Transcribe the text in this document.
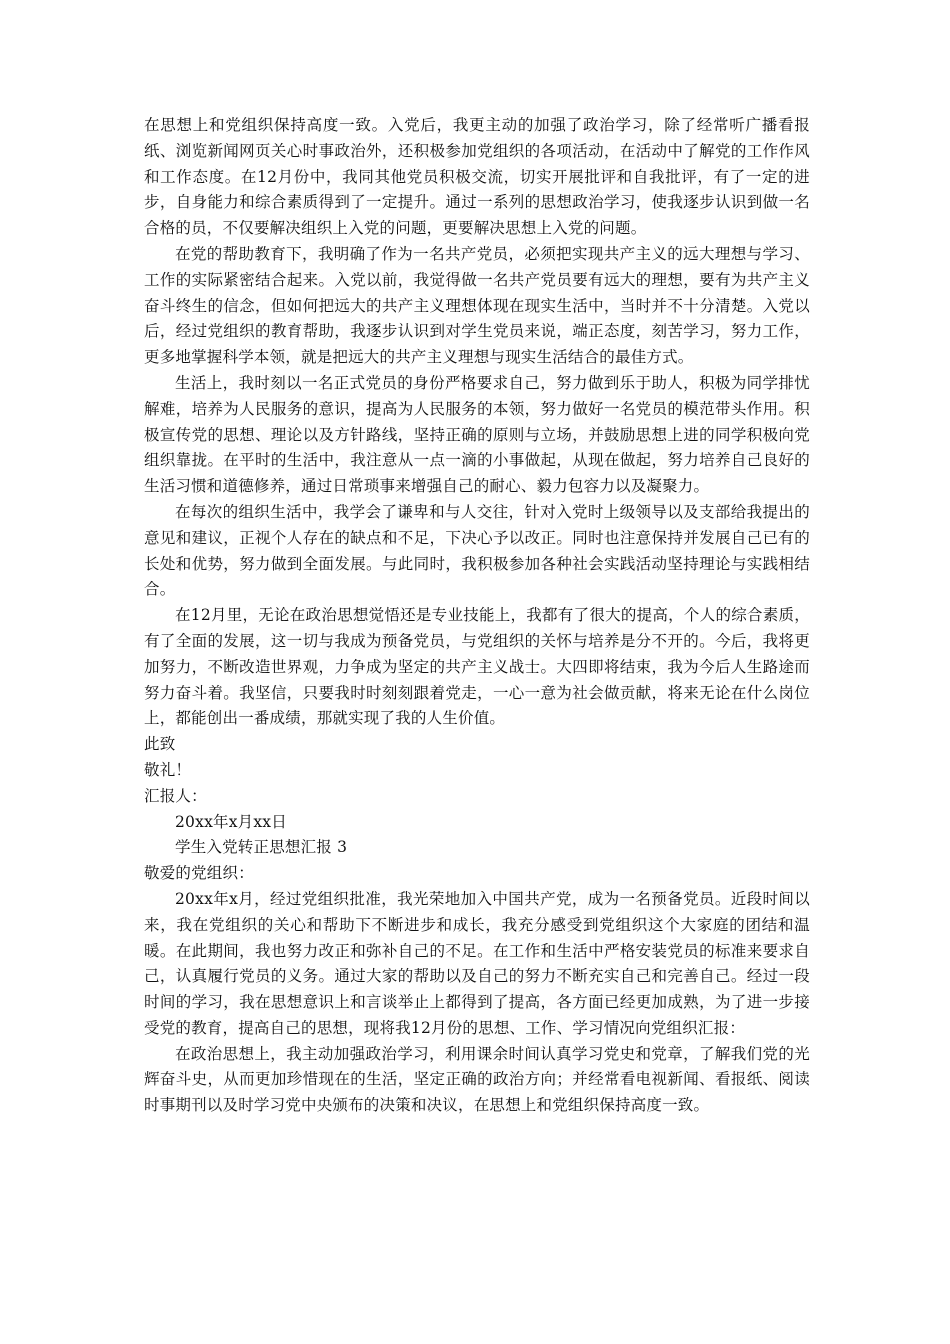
在思想上和党组织保持高度一致。入党后，我更主动的加强了政治学习，除了经常听广播看报纸、浏览新闻网页关心时事政治外，还积极参加党组织的各项活动，在活动中了解党的工作作风和工作态度。在12月份中，我同其他党员积极交流，切实开展批评和自我批评，有了一定的进步，自身能力和综合素质得到了一定提升。通过一系列的思想政治学习，使我逐步认识到做一名合格的员，不仅要解决组织上入党的问题，更要解决思想上入党的问题。

在党的帮助教育下，我明确了作为一名共产党员，必须把实现共产主义的远大理想与学习、工作的实际紧密结合起来。入党以前，我觉得做一名共产党员要有远大的理想，要有为共产主义奋斗终生的信念，但如何把远大的共产主义理想体现在现实生活中，当时并不十分清楚。入党以后，经过党组织的教育帮助，我逐步认识到对学生党员来说，端正态度，刻苦学习，努力工作，更多地掌握科学本领，就是把远大的共产主义理想与现实生活结合的最佳方式。

生活上，我时刻以一名正式党员的身份严格要求自己，努力做到乐于助人，积极为同学排忧解难，培养为人民服务的意识，提高为人民服务的本领，努力做好一名党员的模范带头作用。积极宣传党的思想、理论以及方针路线，坚持正确的原则与立场，并鼓励思想上进的同学积极向党组织靠拢。在平时的生活中，我注意从一点一滴的小事做起，从现在做起，努力培养自己良好的生活习惯和道德修养，通过日常琐事来增强自己的耐心、毅力包容力以及凝聚力。

在每次的组织生活中，我学会了谦卑和与人交往，针对入党时上级领导以及支部给我提出的意见和建议，正视个人存在的缺点和不足，下决心予以改正。同时也注意保持并发展自己已有的长处和优势，努力做到全面发展。与此同时，我积极参加各种社会实践活动坚持理论与实践相结合。

在12月里，无论在政治思想觉悟还是专业技能上，我都有了很大的提高，个人的综合素质，有了全面的发展，这一切与我成为预备党员，与党组织的关怀与培养是分不开的。今后，我将更加努力，不断改造世界观，力争成为坚定的共产主义战士。大四即将结束，我为今后人生路途而努力奋斗着。我坚信，只要我时时刻刻跟着党走，一心一意为社会做贡献，将来无论在什么岗位上，都能创出一番成绩，那就实现了我的人生价值。

此致

敬礼！

汇报人：

20xx年x月xx日

学生入党转正思想汇报 3

敬爱的党组织：

20xx年x月，经过党组织批准，我光荣地加入中国共产党，成为一名预备党员。近段时间以来，我在党组织的关心和帮助下不断进步和成长，我充分感受到党组织这个大家庭的团结和温暖。在此期间，我也努力改正和弥补自己的不足。在工作和生活中严格安装党员的标准来要求自己，认真履行党员的义务。通过大家的帮助以及自己的努力不断充实自己和完善自己。经过一段时间的学习，我在思想意识上和言谈举止上都得到了提高，各方面已经更加成熟，为了进一步接受党的教育，提高自己的思想，现将我12月份的思想、工作、学习情况向党组织汇报：

在政治思想上，我主动加强政治学习，利用课余时间认真学习党史和党章，了解我们党的光辉奋斗史，从而更加珍惜现在的生活，坚定正确的政治方向；并经常看电视新闻、看报纸、阅读时事期刊以及时学习党中央颁布的决策和决议，在思想上和党组织保持高度一致。
